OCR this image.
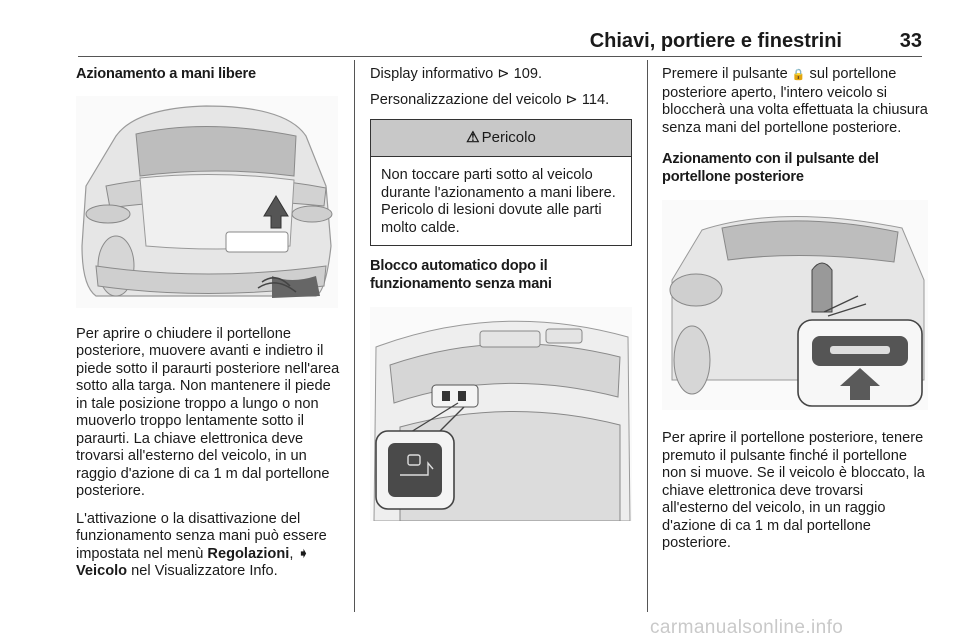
Chiavi, portiere e finestrini	33
Azionamento a mani libere

Per aprire o chiudere il portellone posteriore, muovere avanti e indietro il piede sotto il paraurti posteriore nell'area sotto alla targa. Non mantenere il piede in tale posizione troppo a lungo o non muoverlo troppo lentamente sotto il paraurti. La chiave elettronica deve trovarsi all'esterno del veicolo, in un raggio d'azione di ca 1 m dal portellone posteriore.

L'attivazione o la disattivazione del funzionamento senza mani può essere impostata nel menù Regolazioni, ➧ Veicolo nel Visualizzatore Info.

Display informativo ⊳ 109.

Personalizzazione del veicolo ⊳ 114.

⚠ Pericolo
Non toccare parti sotto al veicolo durante l'azionamento a mani libere. Pericolo di lesioni dovute alle parti molto calde.
Blocco automatico dopo il funzionamento senza mani

Premere il pulsante 🔒 sul portellone posteriore aperto, l'intero veicolo si bloccherà una volta effettuata la chiusura senza mani del portellone posteriore.

Azionamento con il pulsante del portellone posteriore

Per aprire il portellone posteriore, tenere premuto il pulsante finché il portellone non si muove. Se il veicolo è bloccato, la chiave elettronica deve trovarsi all'esterno del veicolo, in un raggio d'azione di ca 1 m dal portellone posteriore.

carmanualsonline.info
